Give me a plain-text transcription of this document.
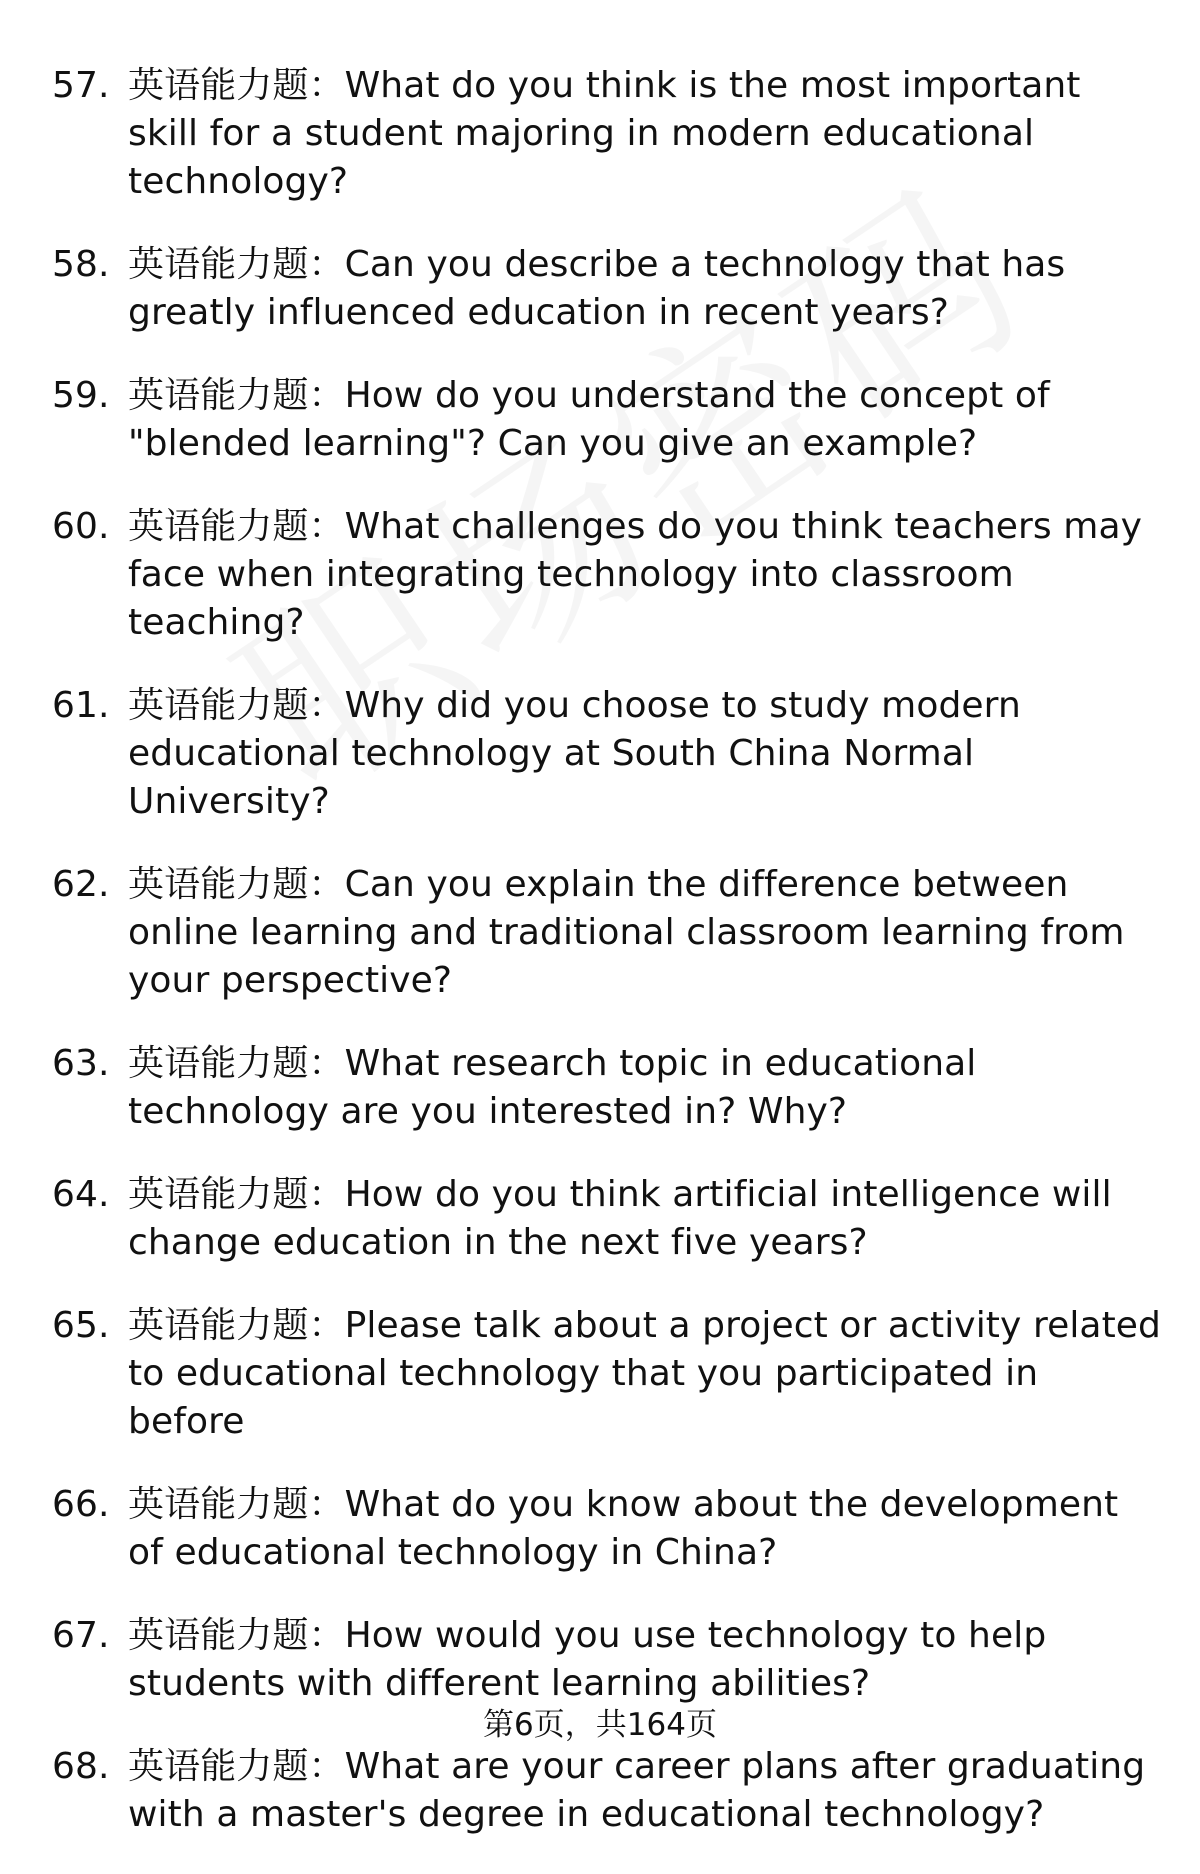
57. 英语能力题：What do you think is the most important skill for a student majoring in modern educational technology?
58. 英语能力题：Can you describe a technology that has greatly influenced education in recent years?
59. 英语能力题：How do you understand the concept of "blended learning"? Can you give an example?
60. 英语能力题：What challenges do you think teachers may face when integrating technology into classroom teaching?
61. 英语能力题：Why did you choose to study modern educational technology at South China Normal University?
62. 英语能力题：Can you explain the difference between online learning and traditional classroom learning from your perspective?
63. 英语能力题：What research topic in educational technology are you interested in? Why?
64. 英语能力题：How do you think artificial intelligence will change education in the next five years?
65. 英语能力题：Please talk about a project or activity related to educational technology that you participated in before
66. 英语能力题：What do you know about the development of educational technology in China?
67. 英语能力题：How would you use technology to help students with different learning abilities?
68. 英语能力题：What are your career plans after graduating with a master's degree in educational technology?
第6页，共164页
